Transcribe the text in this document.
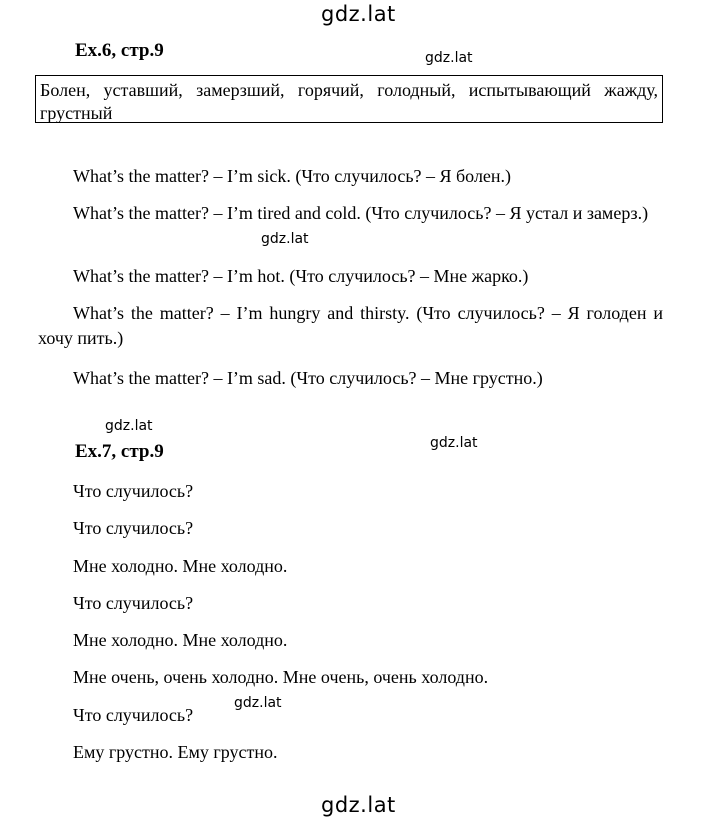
gdz.lat
gdz.lat
gdz.lat
gdz.lat
gdz.lat
gdz.lat
gdz.lat
Ex.6, стр.9
Болен, уставший, замерзший, горячий, голодный, испытывающий жажду, грустный
What’s the matter? – I’m sick. (Что случилось? – Я болен.)
What’s the matter? – I’m tired and cold. (Что случилось? – Я устал и замерз.)
What’s the matter? – I’m hot. (Что случилось? – Мне жарко.)
What’s the matter? – I’m hungry and thirsty. (Что случилось? – Я голоден и хочу пить.)
What’s the matter? – I’m sad. (Что случилось? – Мне грустно.)
Ex.7, стр.9
Что случилось?
Что случилось?
Мне холодно. Мне холодно.
Что случилось?
Мне холодно. Мне холодно.
Мне очень, очень холодно. Мне очень, очень холодно.
Что случилось?
Ему грустно. Ему грустно.
